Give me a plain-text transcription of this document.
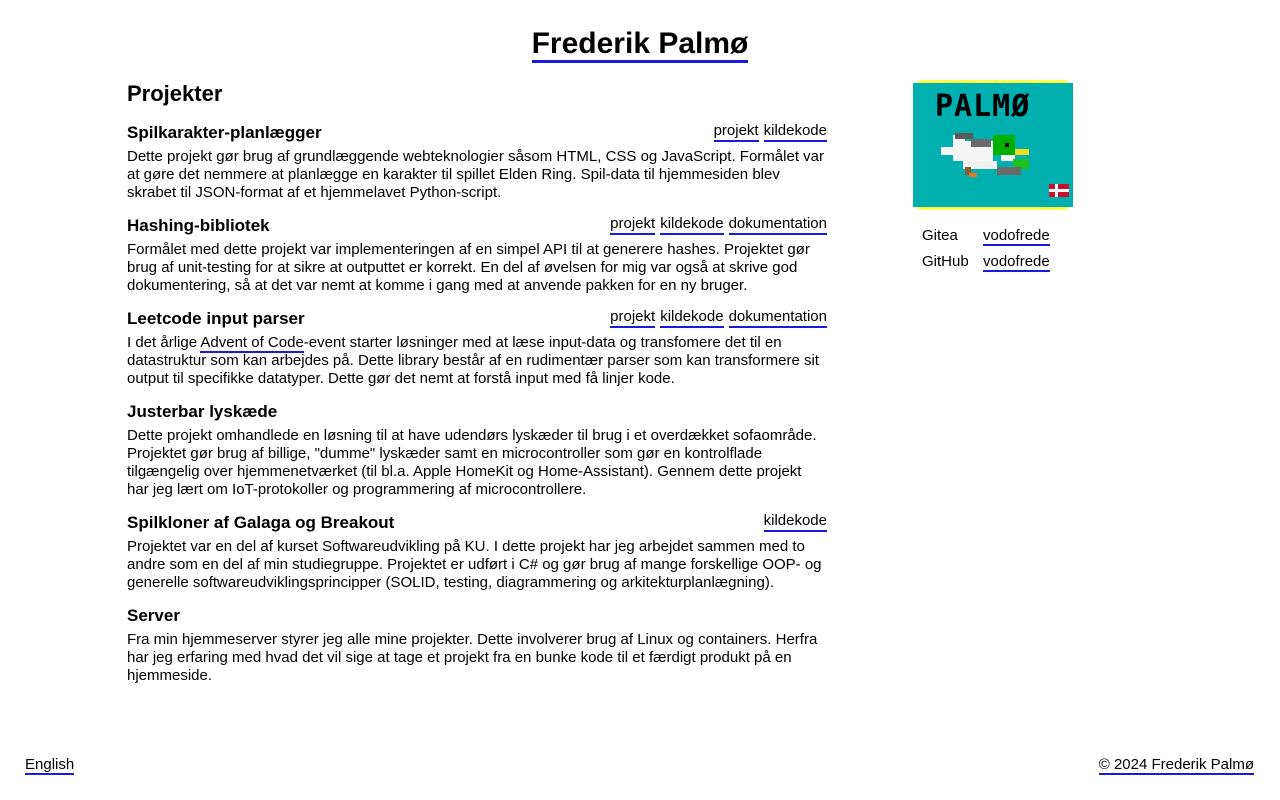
Frederik Palmø
Projekter
Spilkarakter-planlægger	projekt kildekode

Dette projekt gør brug af grundlæggende webteknologier såsom HTML, CSS og JavaScript. Formålet var at gøre det nemmere at planlægge en karakter til spillet Elden Ring. Spil-data til hjemmesiden blev skrabet til JSON-format af et hjemmelavet Python-script.

Hashing-bibliotek	projekt kildekode dokumentation

Formålet med dette projekt var implementeringen af en simpel API til at generere hashes. Projektet gør brug af unit-testing for at sikre at outputtet er korrekt. En del af øvelsen for mig var også at skrive god dokumentering, så at det var nemt at komme i gang med at anvende pakken for en ny bruger.

Leetcode input parser	projekt kildekode dokumentation

I det årlige Advent of Code-event starter løsninger med at læse input-data og transfomere det til en datastruktur som kan arbejdes på. Dette library består af en rudimentær parser som kan transformere sit output til specifikke datatyper. Dette gør det nemt at forstå input med få linjer kode.

Justerbar lyskæde

Dette projekt omhandlede en løsning til at have udendørs lyskæder til brug i et overdækket sofaområde. Projektet gør brug af billige, "dumme" lyskæder samt en microcontroller som gør en kontrolflade tilgængelig over hjemmenetværket (til bl.a. Apple HomeKit og Home-Assistant). Gennem dette projekt har jeg lært om IoT-protokoller og programmering af microcontrollere.

Spilkloner af Galaga og Breakout	kildekode

Projektet var en del af kurset Softwareudvikling på KU. I dette projekt har jeg arbejdet sammen med to andre som en del af min studiegruppe. Projektet er udført i C# og gør brug af mange forskellige OOP- og generelle softwareudviklingsprincipper (SOLID, testing, diagrammering og arkitekturplanlægning).

Server

Fra min hjemmeserver styrer jeg alle mine projekter. Dette involverer brug af Linux og containers. Herfra har jeg erfaring med hvad det vil sige at tage et projekt fra en bunke kode til et færdigt produkt på en hjemmeside.

PALMØ
Gitea	vodofrede
GitHub vodofrede
English	© 2024 Frederik Palmø
